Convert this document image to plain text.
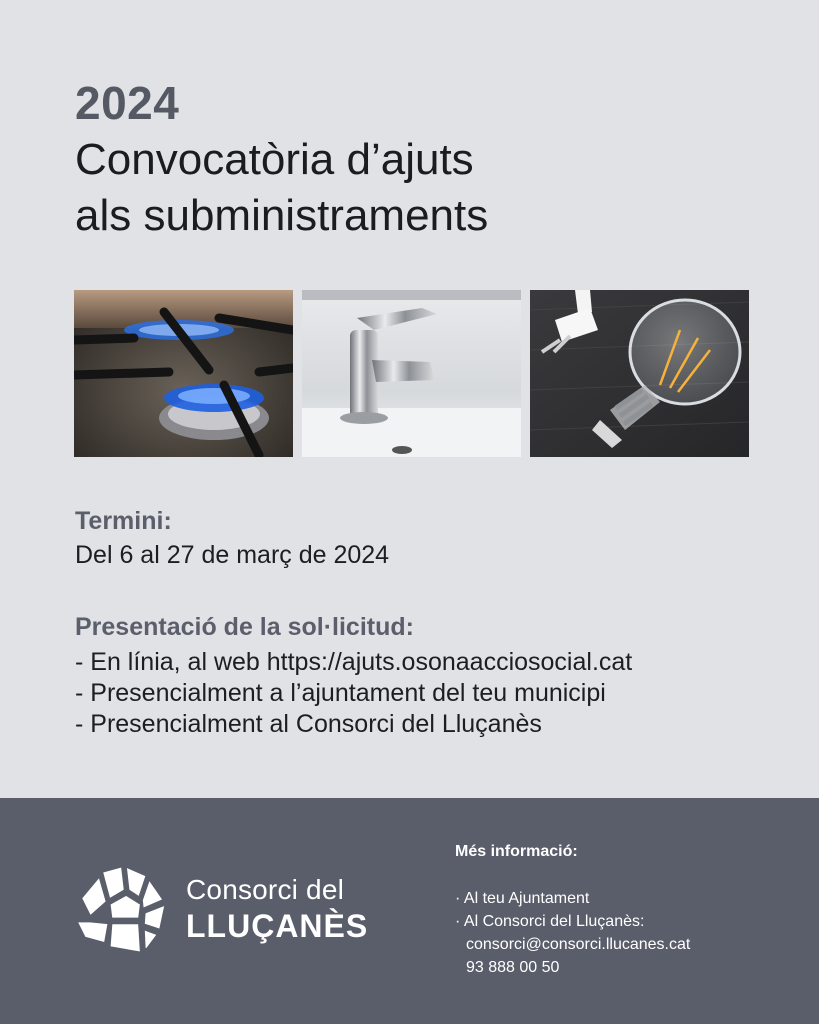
2024
Convocatòria d’ajuts
als subministraments
Termini:
Del 6 al 27 de març de 2024
Presentació de la sol·licitud:
- En línia, al web https://ajuts.osonaacciosocial.cat
- Presencialment a l’ajuntament del teu municipi
- Presencialment al Consorci del Lluçanès
Consorci del
LLUÇANÈS
Més informació:
· Al teu Ajuntament
· Al Consorci del Lluçanès:
consorci@consorci.llucanes.cat
93 888 00 50
